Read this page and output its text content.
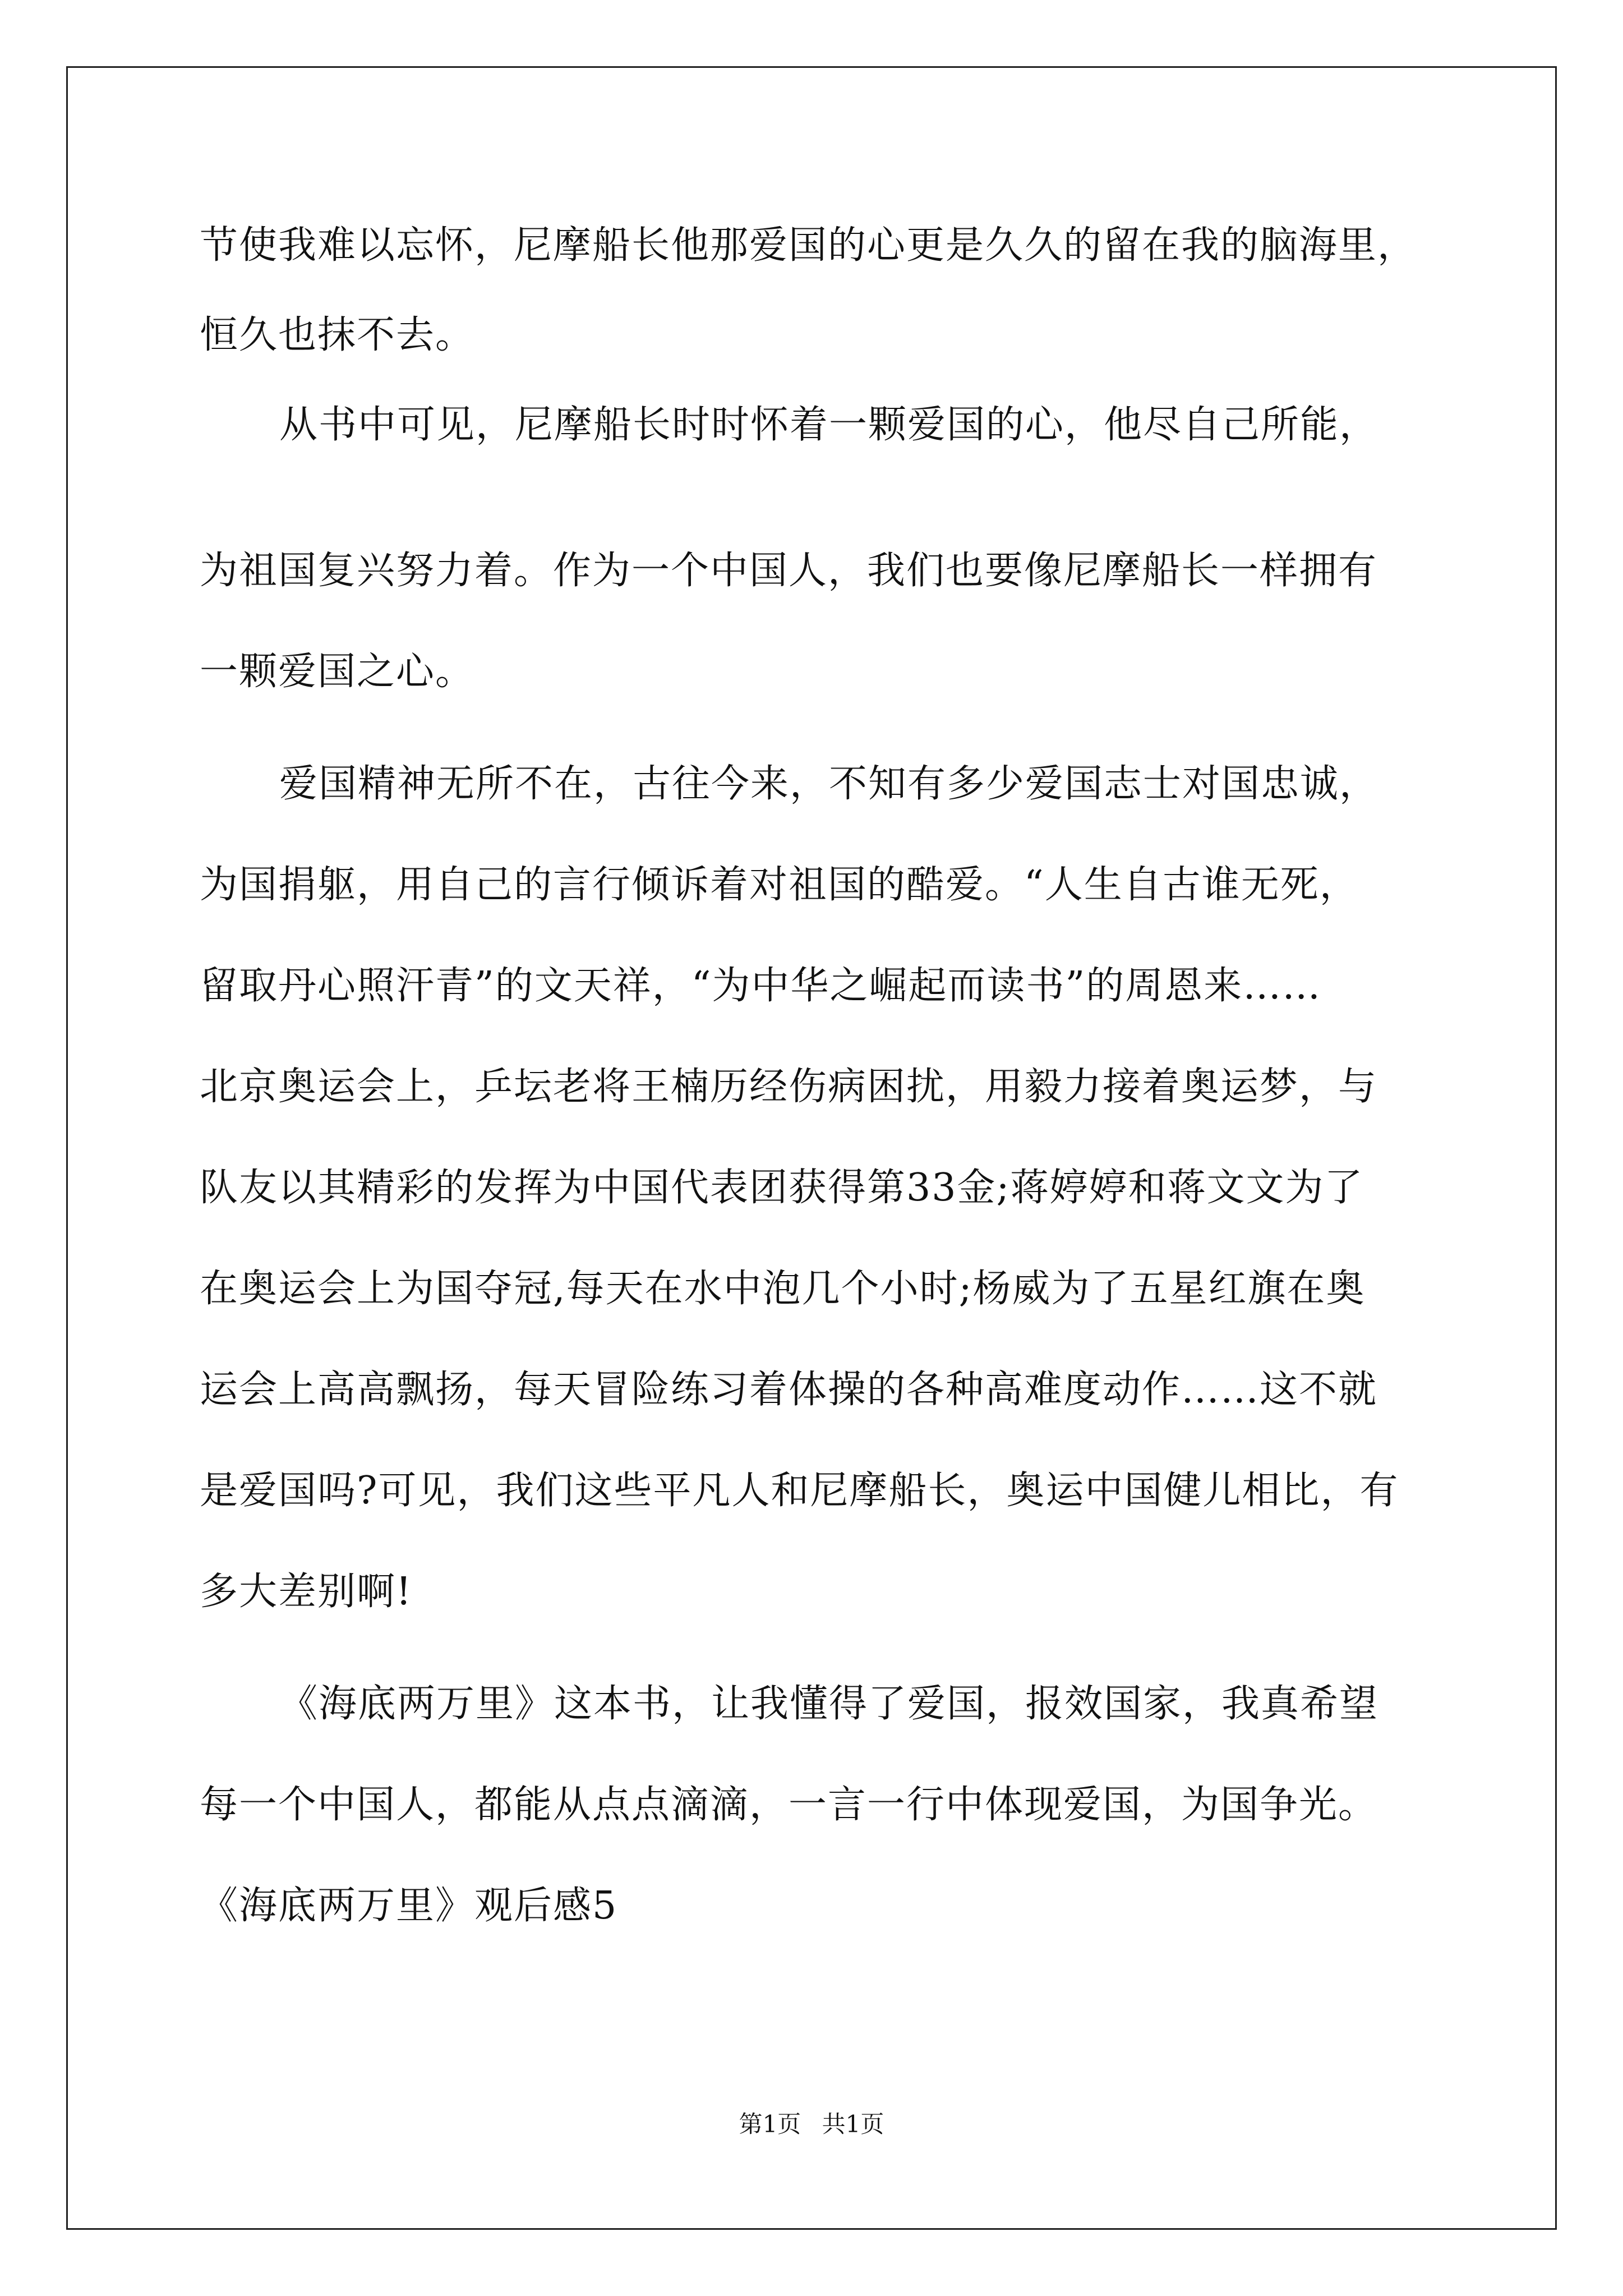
节使我难以忘怀，尼摩船长他那爱国的心更是久久的留在我的脑海里，
恒久也抹不去。
从书中可见，尼摩船长时时怀着一颗爱国的心，他尽自己所能，
为祖国复兴努力着。作为一个中国人，我们也要像尼摩船长一样拥有
一颗爱国之心。
爱国精神无所不在，古往今来，不知有多少爱国志士对国忠诚，
为国捐躯，用自己的言行倾诉着对祖国的酷爱。“人生自古谁无死，
留取丹心照汗青”的文天祥，“为中华之崛起而读书”的周恩来……
北京奥运会上，乒坛老将王楠历经伤病困扰，用毅力接着奥运梦，与
队友以其精彩的发挥为中国代表团获得第33金;蒋婷婷和蒋文文为了
在奥运会上为国夺冠,每天在水中泡几个小时;杨威为了五星红旗在奥
运会上高高飘扬，每天冒险练习着体操的各种高难度动作……这不就
是爱国吗?可见，我们这些平凡人和尼摩船长，奥运中国健儿相比，有
多大差别啊!
《海底两万里》这本书，让我懂得了爱国，报效国家，我真希望
每一个中国人，都能从点点滴滴，一言一行中体现爱国，为国争光。
《海底两万里》观后感5
第1页 共1页
